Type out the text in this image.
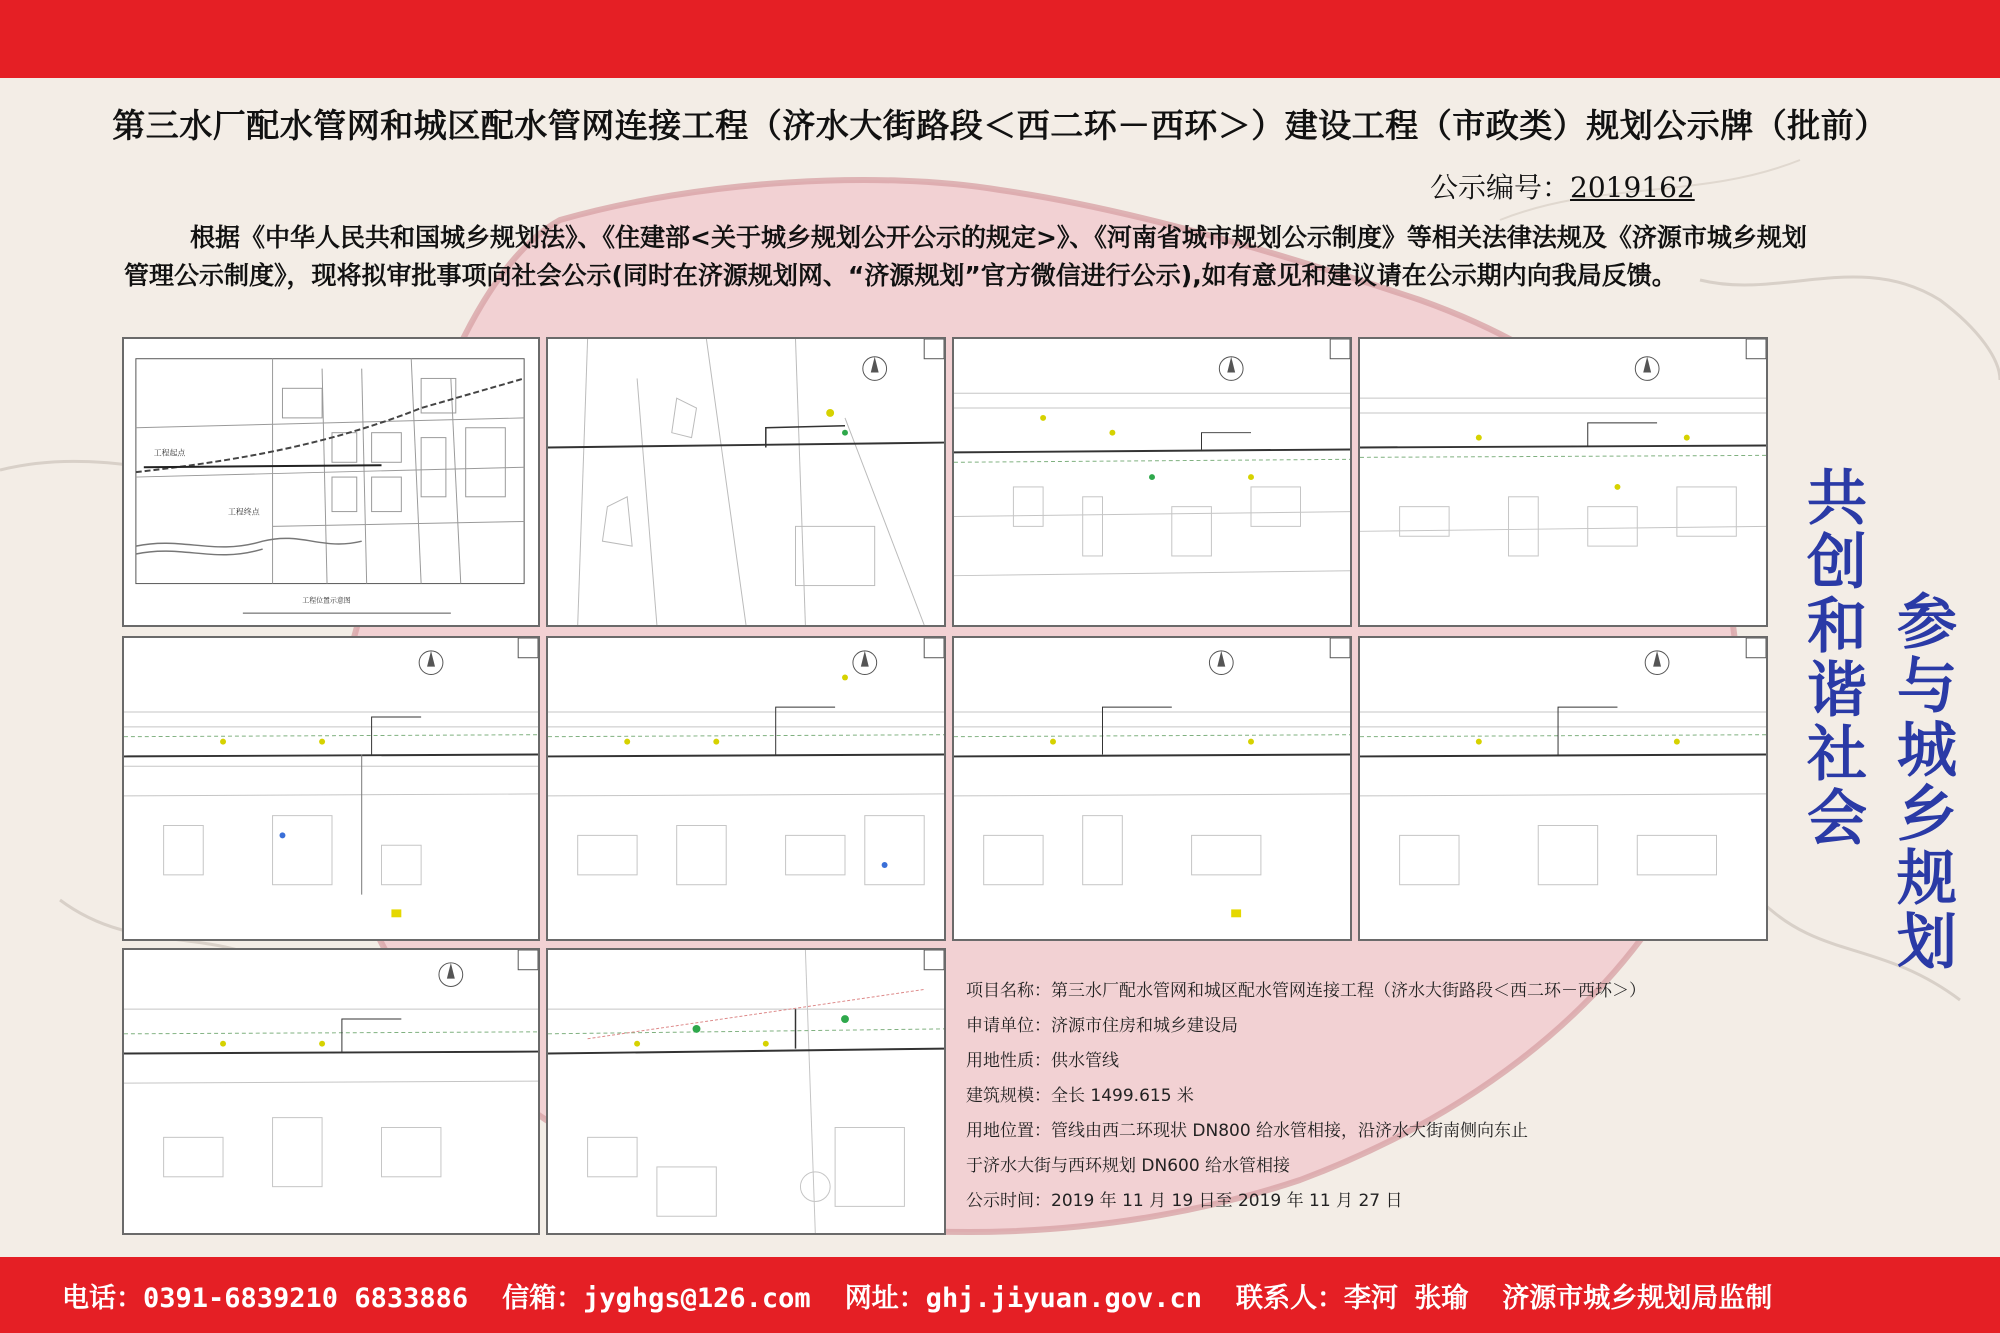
第三水厂配水管网和城区配水管网连接工程（济水大街路段＜西二环－西环＞）建设工程（市政类）规划公示牌（批前）
公示编号：2019162

根据《中华人民共和国城乡规划法》、《住建部<关于城乡规划公开公示的规定>》、《河南省城市规划公示制度》等相关法律法规及《济源市城乡规划管理公示制度》，现将拟审批事项向社会公示(同时在济源规划网、“济源规划”官方微信进行公示),如有意见和建议请在公示期内向我局反馈。

工程起点
工程终点
工程位置示意图
项目名称：第三水厂配水管网和城区配水管网连接工程（济水大街路段＜西二环－西环＞）
申请单位：济源市住房和城乡建设局
用地性质：供水管线
建筑规模：全长 1499.615 米
用地位置：管线由西二环现状 DN800 给水管相接，沿济水大街南侧向东止
于济水大街与西环规划 DN600 给水管相接
公示时间：2019 年 11 月 19 日至 2019 年 11 月 27 日
共创和谐社会 参与城乡规划
电话：0391-6839210 6833886 信箱：jyghgs@126.com 网址：ghj.jiyuan.gov.cn 联系人：李河 张瑜 济源市城乡规划局监制
